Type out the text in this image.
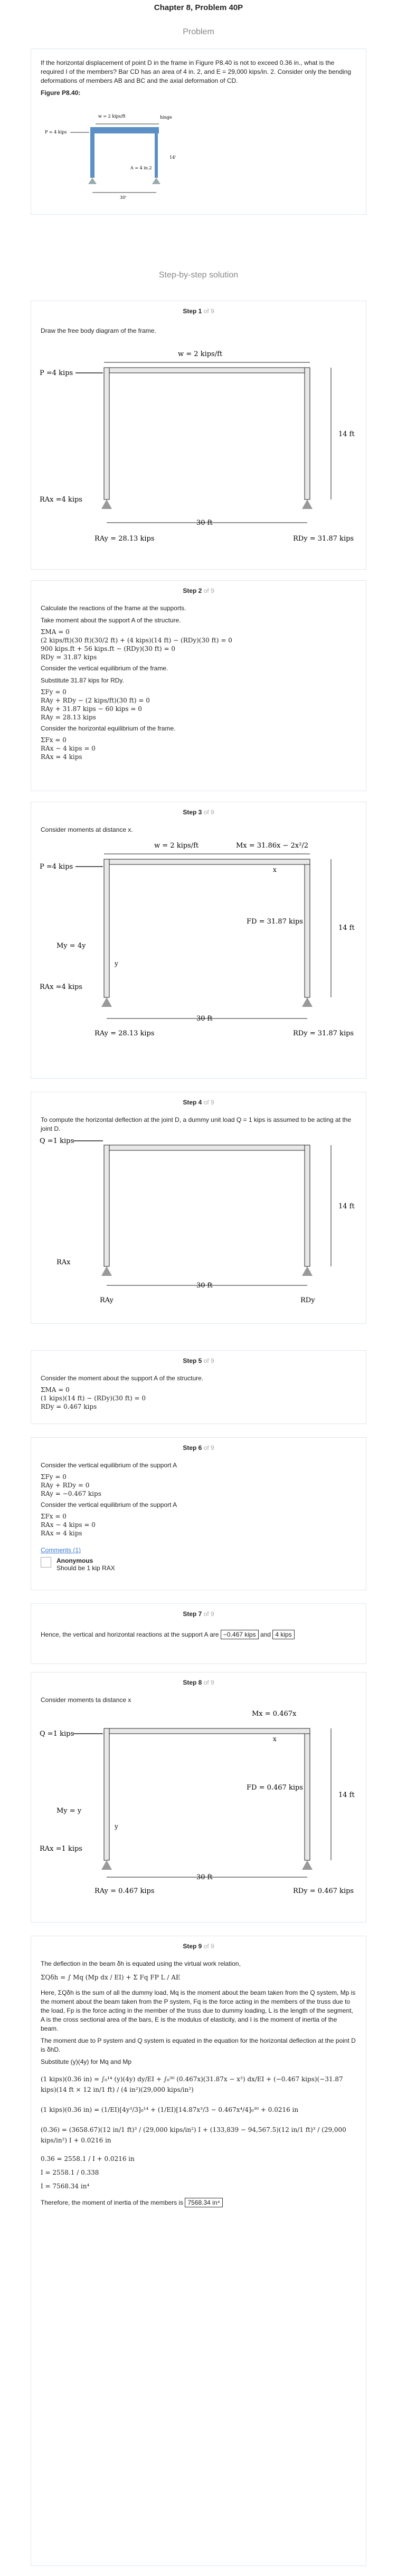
Chapter 8, Problem 40P
Problem

If the horizontal displacement of point D in the frame in Figure P8.40 is not to exceed 0.36 in., what is the required I of the members? Bar CD has an area of 4 in. 2, and E = 29,000 kips/in. 2. Consider only the bending deformations of members AB and BC and the axial deformation of CD.

Figure P8.40:

w = 2 kips/ft	hinge
P = 4 kips
A = 4 in.2
14'
30'
Step-by-step solution
Step 1 of 9

Draw the free body diagram of the frame.

w = 2 kips/ft
P =4 kips
RAx =4 kips
30 ft
RAy = 28.13 kips	RDy = 31.87 kips
14 ft
Step 2 of 9

Calculate the reactions of the frame at the supports.

Take moment about the support A of the structure.

ΣMA = 0
(2 kips/ft)(30 ft)(30/2 ft) + (4 kips)(14 ft) − (RDy)(30 ft) = 0
900 kips.ft + 56 kips.ft − (RDy)(30 ft) = 0
RDy = 31.87 kips

Consider the vertical equilibrium of the frame.

Substitute 31.87 kips for RDy.

ΣFy = 0
RAy + RDy − (2 kips/ft)(30 ft) = 0
RAy + 31.87 kips − 60 kips = 0
RAy = 28.13 kips

Consider the horizontal equilibrium of the frame.

ΣFx = 0
RAx − 4 kips = 0
RAx = 4 kips
Step 3 of 9

Consider moments at distance x.

w = 2 kips/ft	Mx = 31.86x − 2x²/2
P =4 kips	x
FD = 31.87 kips
My = 4y
y
RAx =4 kips
30 ft
RAy = 28.13 kips	RDy = 31.87 kips
14 ft
Step 4 of 9

To compute the horizontal deflection at the joint D, a dummy unit load Q = 1 kips is assumed to be acting at the joint D.

Q =1 kips
RAx
30 ft
RAy	RDy
14 ft
Step 5 of 9

Consider the moment about the support A of the structure.

ΣMA = 0
(1 kips)(14 ft) − (RDy)(30 ft) = 0
RDy = 0.467 kips
Step 6 of 9

Consider the vertical equilibrium of the support A

ΣFy = 0
RAy + RDy = 0
RAy = −0.467 kips

Consider the vertical equilibrium of the support A

ΣFx = 0
RAx − 4 kips = 0
RAx = 4 kips
Comments (1)
Anonymous
Should be 1 kip RAX
Step 7 of 9

Hence, the vertical and horizontal reactions at the support A are −0.467 kips and 4 kips

Step 8 of 9

Consider moments ta distance x

Mx = 0.467x
Q =1 kips
x
FD = 0.467 kips
My = y
y
RAx =1 kips
30 ft
RAy = 0.467 kips	RDy = 0.467 kips
14 ft
Step 9 of 9

The deflection in the beam δh is equated using the virtual work relation,

ΣQδh = ∫ Mq (Mp dx / EI) + Σ Fq FP L / AE

Here, ΣQδh is the sum of all the dummy load, Mq is the moment about the beam taken from the Q system, Mp is the moment about the beam taken from the P system, Fq is the force acting in the members of the truss due to the load, Fp is the force acting in the member of the truss due to dummy loading, L is the length of the segment, A is the cross sectional area of the bars, E is the modulus of elasticity, and I is the moment of inertia of the beam.

The moment due to P system and Q system is equated in the equation for the horizontal deflection at the point D is δhD.

Substitute (y)(4y) for Mq and Mp

(1 kips)(0.36 in) = ∫₀¹⁴ (y)(4y) dy/EI + ∫₀³⁰ (0.467x)(31.87x − x²) dx/EI + (−0.467 kips)(−31.87 kips)(14 ft × 12 in/1 ft) / (4 in²)(29,000 kips/in²)
(1 kips)(0.36 in) = (1/EI)[4y³/3]₀¹⁴ + (1/EI)[14.87x³/3 − 0.467x⁴/4]₀³⁰ + 0.0216 in
(0.36) = (3658.67)(12 in/1 ft)³ / (29,000 kips/in²) I + (133,839 − 94,567.5)(12 in/1 ft)³ / (29,000 kips/in²) I + 0.0216 in
0.36 = 2558.1 / I + 0.0216 in
I = 2558.1 / 0.338
I = 7568.34 in⁴

Therefore, the moment of inertia of the members is 7568.34 in⁴
